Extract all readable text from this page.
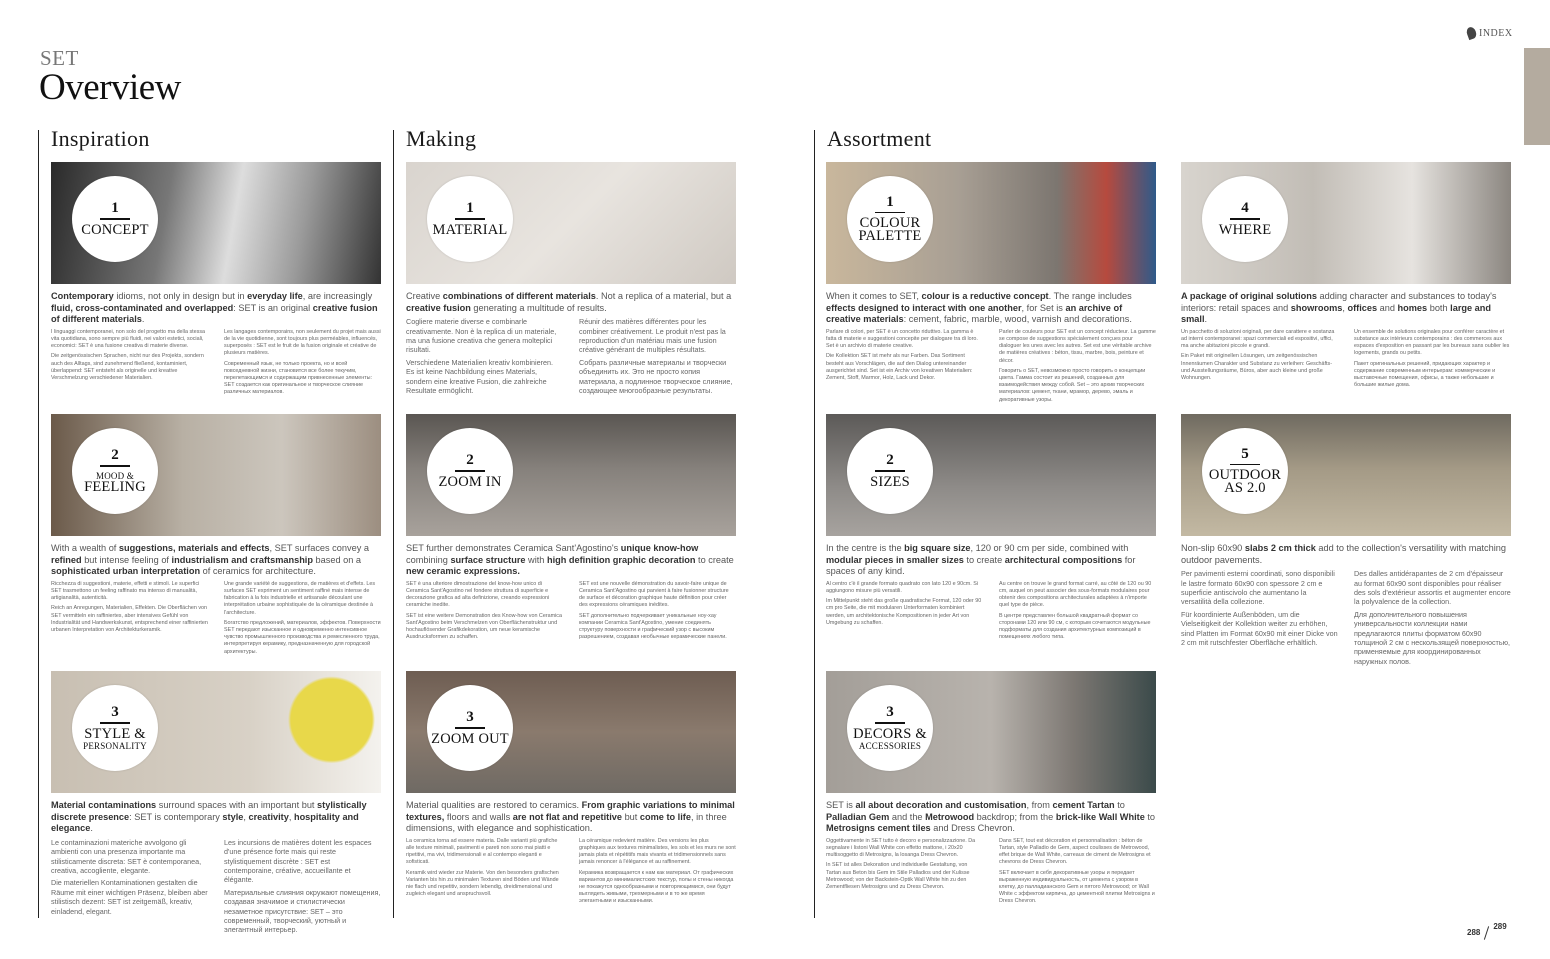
SET
Overview
INDEX
Inspiration	Making	Assortment
1
CONCEPT
Contemporary idioms, not only in design but in everyday life, are increasingly fluid, cross-contaminated and overlapped: SET is an original creative fusion of different materials.
I linguaggi contemporanei, non solo del progetto ma della stessa vita quotidiana, sono sempre più fluidi, nei valori estetici, sociali, economici: SET è una fusione creativa di materie diverse.
Die zeitgenössischen Sprachen, nicht nur des Projekts, sondern auch des Alltags, sind zunehmend fließend, kontaminiert, überlappend: SET entsteht als originelle und kreative Verschmelzung verschiedener Materialien.
Les langages contemporains, non seulement du projet mais aussi de la vie quotidienne, sont toujours plus perméables, influencés, superposés : SET est le fruit de la fusion originale et créative de plusieurs matières.
Современный язык, не только проекта, но и всей повседневной жизни, становится все более текучим, перелетающимся и содержащим привнесенные элементы: SET создается как оригинальное и творческое слияние различных материалов.
2
MOOD &
FEELING
With a wealth of suggestions, materials and effects, SET surfaces convey a refined but intense feeling of industrialism and craftsmanship based on a sophisticated urban interpretation of ceramics for architecture.
Ricchezza di suggestioni, materie, effetti e stimoli. Le superfici SET trasmettono un feeling raffinato ma intenso di manualità, artigianalità, autenticità.
Reich an Anregungen, Materialien, Effekten. Die Oberflächen von SET vermitteln ein raffiniertes, aber intensives Gefühl von Industrialität und Handwerkskunst, entsprechend einer raffinierten urbanen Interpretation von Architekturkeramik.
Une grande variété de suggestions, de matières et d'effets. Les surfaces SET expriment un sentiment raffiné mais intense de fabrication à la fois industrielle et artisanale découlant une interprétation urbaine sophistiquée de la céramique destinée à l'architecture.
Богатство предложений, материалов, эффектов. Поверхности SET передают изысканное и одновременно интенсивное чувство промышленного производства и ремесленного труда, интерпретируя керамику, предназначенную для городской архитектуры.
3
STYLE &
PERSONALITY
Material contaminations surround spaces with an important but stylistically discrete presence: SET is contemporary style, creativity, hospitality and elegance.
Le contaminazioni materiche avvolgono gli ambienti con una presenza importante ma stilisticamente discreta: SET è contemporanea, creativa, accogliente, elegante.
Die materiellen Kontaminationen gestalten die Räume mit einer wichtigen Präsenz, bleiben aber stilistisch dezent: SET ist zeitgemäß, kreativ, einladend, elegant.
Les incursions de matières dotent les espaces d'une présence forte mais qui reste stylistiquement discrète : SET est contemporaine, créative, accueillante et élégante.
Материальные слияния окружают помещения, создавая значимое и стилистически незаметное присутствие: SET – это современный, творческий, уютный и элегантный интерьер.
1
MATERIAL
Creative combinations of different materials. Not a replica of a material, but a creative fusion generating a multitude of results.
Cogliere materie diverse e combinarle creativamente. Non è la replica di un materiale, ma una fusione creativa che genera molteplici risultati.
Verschiedene Materialien kreativ kombinieren. Es ist keine Nachbildung eines Materials, sondern eine kreative Fusion, die zahlreiche Resultate ermöglicht.
Réunir des matières différentes pour les combiner créativement. Le produit n'est pas la reproduction d'un matériau mais une fusion créative générant de multiples résultats.
Собрать различные материалы и творчески объединить их. Это не просто копия материала, а подлинное творческое слияние, создающее многообразные результаты.
2
ZOOM IN
SET further demonstrates Ceramica Sant'Agostino's unique know-how combining surface structure with high definition graphic decoration to create new ceramic expressions.
SET è una ulteriore dimostrazione del know-how unico di Ceramica Sant'Agostino nel fondere struttura di superficie e decorazione grafica ad alta definizione, creando espressioni ceramiche inedite.
SET ist eine weitere Demonstration des Know-how von Ceramica Sant'Agostino beim Verschmelzen von Oberflächenstruktur und hochauflösender Grafikdekoration, um neue keramische Ausdrucksformen zu schaffen.
SET est une nouvelle démonstration du savoir-faire unique de Ceramica Sant'Agostino qui parvient à faire fusionner structure de surface et décoration graphique haute définition pour créer des expressions céramiques inédites.
SET дополнительно подчеркивает уникальные ноу-хау компании Ceramica Sant'Agostino, умение соединять структуру поверхности и графический узор с высоким разрешением, создавая необычные керамические панели.
3
ZOOM OUT
Material qualities are restored to ceramics. From graphic variations to minimal textures, floors and walls are not flat and repetitive but come to life, in three dimensions, with elegance and sophistication.
La ceramica torna ad essere materia. Dalle varianti più grafiche alle texture minimali, pavimenti e pareti non sono mai piatti e ripetitivi, ma vivi, tridimensionali e al contempo eleganti e sofisticati.
Keramik wird wieder zur Materie. Von den besonders grafischen Varianten bis hin zu minimalen Texturen sind Böden und Wände nie flach und repetitiv, sondern lebendig, dreidimensional und zugleich elegant und anspruchsvoll.
La céramique redevient matière. Des versions les plus graphiques aux textures minimalistes, les sols et les murs ne sont jamais plats et répétitifs mais vivants et tridimensionnels sans jamais renoncer à l'élégance et au raffinement.
Керамика возвращается к нам как материал. От графических вариантов до минималистских текстур, полы и стены никогда не покажутся однообразными и повторяющимися, они будут выглядеть живыми, трехмерными и в то же время элегантными и изысканными.
1
COLOUR PALETTE
When it comes to SET, colour is a reductive concept. The range includes effects designed to interact with one another, for Set is an archive of creative materials: cement, fabric, marble, wood, varnish and decorations.
Parlare di colori, per SET è un concetto riduttivo. La gamma è fatta di materie e suggestioni concepite per dialogare tra di loro. Set è un archivio di materie creative.
Die Kollektion SET ist mehr als nur Farben. Das Sortiment besteht aus Vorschlägen, die auf den Dialog untereinander ausgerichtet sind. Set ist ein Archiv von kreativen Materialien: Zement, Stoff, Marmor, Holz, Lack und Dekor.
Parler de couleurs pour SET est un concept réducteur. La gamme se compose de suggestions spécialement conçues pour dialoguer les unes avec les autres. Set est une véritable archive de matières créatives : béton, tissu, marbre, bois, peinture et décor.
Говорить о SET, невозможно просто говорить о концепции цвета. Гамма состоит из решений, созданных для взаимодействия между собой. Set – это архив творческих материалов: цемент, ткани, мрамор, дерево, эмаль и декоративные узоры.
2
SIZES
In the centre is the big square size, 120 or 90 cm per side, combined with modular pieces in smaller sizes to create architectural compositions for spaces of any kind.
Al centro c'è il grande formato quadrato con lato 120 e 90cm. Si aggiungono misure più versatili.
Im Mittelpunkt steht das große quadratische Format, 120 oder 90 cm pro Seite, die mit modularen Unterformaten kombiniert werden, um architektonische Kompositionen in jeder Art von Umgebung zu schaffen.
Au centre on trouve le grand format carré, au côté de 120 ou 90 cm, auquel on peut associer des sous-formats modulaires pour obtenir des compositions architecturales adaptées à n'importe quel type de pièce.
В центре представлен большой квадратный формат со сторонами 120 или 90 см, с которым сочетаются модульные подформаты для создания архитектурных композиций в помещениях любого типа.
3
DECORS &
ACCESSORIES
SET is all about decoration and customisation, from cement Tartan to Palladian Gem and the Metrowood backdrop; from the brick-like Wall White to Metrosigns cement tiles and Dress Chevron.
Oggettivamente in SET tutto è decoro e personalizzazione. Da segnalare i listoni Wall White con effetto mattone, i 20x20 multisoggetto di Metrosigns, la losanga Dress Chevron.
In SET ist alles Dekoration und individuelle Gestaltung, von Tartan aus Beton bis Gem im Stile Palladios und der Kulisse Metrowood; von der Backstein-Optik Wall White hin zu den Zementfliesen Metrosigns und zu Dress Chevron.
Dans SET, tout est décoration et personnalisation : béton de Tartan, style Palladio de Gem, aspect coulisses de Metrowood, effet brique de Wall White, carreaux de ciment de Metrosigns et chevrons de Dress Chevron.
SET включает в себя декоративные узоры и передает выраженную индивидуальность, от цемента с узором в клетку, до палладианского Gem и пятого Metrowood; от Wall White с эффектом кирпича, до цементной плитки Metrosigns и Dress Chevron.
4
WHERE
A package of original solutions adding character and substances to today's interiors: retail spaces and showrooms, offices and homes both large and small.
Un pacchetto di soluzioni originali, per dare carattere e sostanza ad interni contemporanei: spazi commerciali ed espositivi, uffici, ma anche abitazioni piccole e grandi.
Ein Paket mit originellen Lösungen, um zeitgenössischen Innenräumen Charakter und Substanz zu verleihen: Geschäfts- und Ausstellungsräume, Büros, aber auch kleine und große Wohnungen.
Un ensemble de solutions originales pour conférer caractère et substance aux intérieurs contemporains : des commerces aux espaces d'exposition en passant par les bureaux sans oublier les logements, grands ou petits.
Пакет оригинальных решений, придающих характер и содержание современным интерьерам: коммерческие и выставочные помещения, офисы, а также небольшие и большие жилые дома.
5
OUTDOOR AS 2.0
Non-slip 60x90 slabs 2 cm thick add to the collection's versatility with matching outdoor pavements.
Per pavimenti esterni coordinati, sono disponibili le lastre formato 60x90 con spessore 2 cm e superficie antiscivolo che aumentano la versatilità della collezione.
Für koordinierte Außenböden, um die Vielseitigkeit der Kollektion weiter zu erhöhen, sind Platten im Format 60x90 mit einer Dicke von 2 cm mit rutschfester Oberfläche erhältlich.
Des dalles antidérapantes de 2 cm d'épaisseur au format 60x90 sont disponibles pour réaliser des sols d'extérieur assortis et augmenter encore la polyvalence de la collection.
Для дополнительного повышения универсальности коллекции нами предлагаются плиты форматом 60x90 толщиной 2 см с нескользящей поверхностью, применяемые для координированных наружных полов.
288289
